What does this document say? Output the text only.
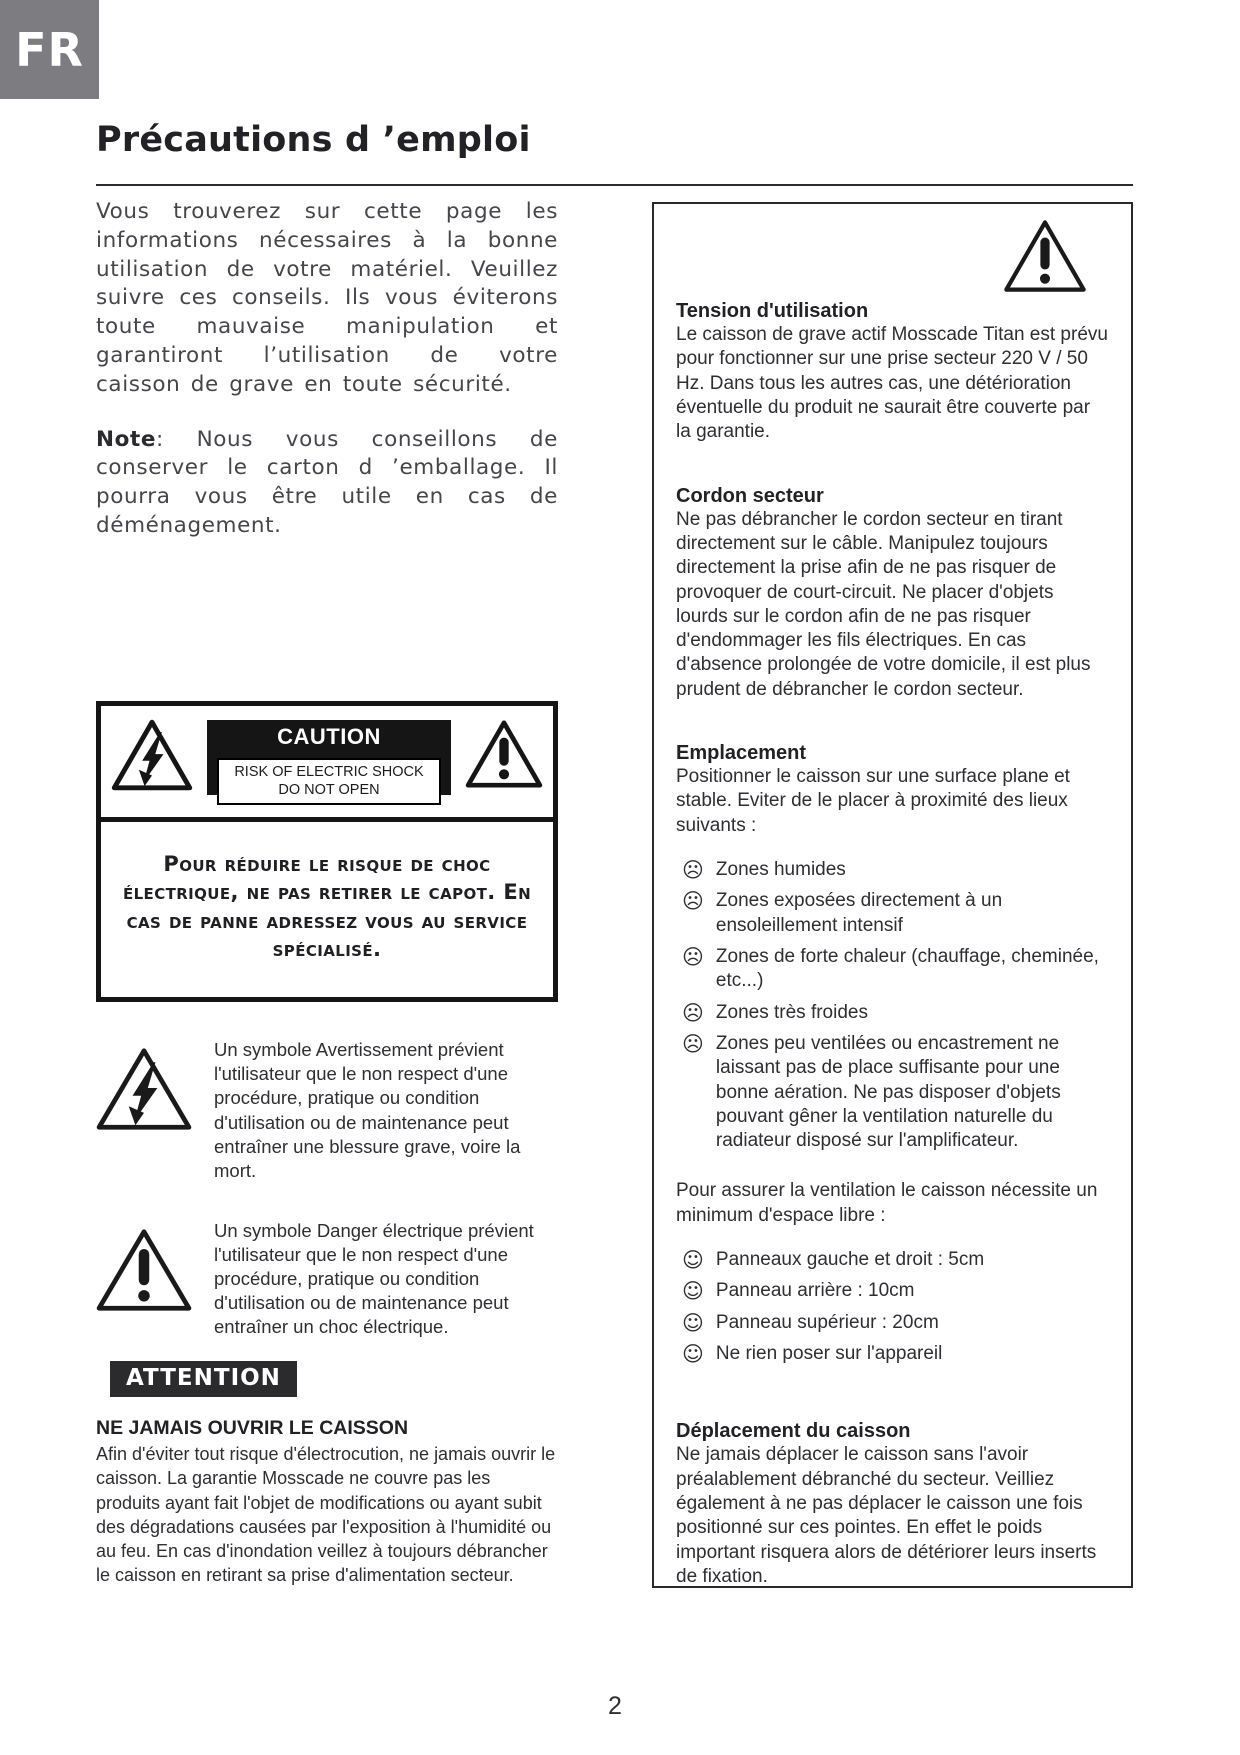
FR
Précautions d ’emploi

Vous trouverez sur cette page les informations nécessaires à la bonne utilisation de votre matériel. Veuillez suivre ces conseils. Ils vous éviterons toute mauvaise manipulation et garantiront l’utilisation de votre caisson de grave en toute sécurité.

Note: Nous vous conseillons de conserver le carton d ’emballage. Il pourra vous être utile en cas de déménagement.

CAUTION
RISK OF ELECTRIC SHOCK
DO NOT OPEN
Pour réduire le risque de choc électrique, ne pas retirer le capot. En cas de panne adressez vous au service spécialisé.
Un symbole Avertissement prévient l'utilisateur que le non respect d'une procédure, pratique ou condition d'utilisation ou de maintenance peut entraîner une blessure grave, voire la mort.
Un symbole Danger électrique prévient l'utilisateur que le non respect d'une procédure, pratique ou condition d'utilisation ou de maintenance peut entraîner un choc électrique.
ATTENTION
NE JAMAIS OUVRIR LE CAISSON

Afin d'éviter tout risque d'électrocution, ne jamais ouvrir le caisson. La garantie Mosscade ne couvre pas les produits ayant fait l'objet de modifications ou ayant subit des dégradations causées par l'exposition à l'humidité ou au feu. En cas d'inondation veillez à toujours débrancher le caisson en retirant sa prise d'alimentation secteur.

Tension d'utilisation

Le caisson de grave actif Mosscade Titan est prévu pour fonctionner sur une prise secteur 220 V / 50 Hz. Dans tous les autres cas, une détérioration éventuelle du produit ne saurait être couverte par la garantie.

Cordon secteur

Ne pas débrancher le cordon secteur en tirant directement sur le câble. Manipulez toujours directement la prise afin de ne pas risquer de provoquer de court-circuit. Ne placer d'objets lourds sur le cordon afin de ne pas risquer d'endommager les fils électriques. En cas d'absence prolongée de votre domicile, il est plus prudent de débrancher le cordon secteur.

Emplacement

Positionner le caisson sur une surface plane et stable. Eviter de le placer à proximité des lieux suivants :

☹ Zones humides
☹ Zones exposées directement à un ensoleillement intensif
☹ Zones de forte chaleur (chauffage, cheminée, etc...)
☹ Zones très froides
☹ Zones peu ventilées ou encastrement ne laissant pas de place suffisante pour une bonne aération. Ne pas disposer d'objets pouvant gêner la ventilation naturelle du radiateur disposé sur l'amplificateur.

Pour assurer la ventilation le caisson nécessite un minimum d'espace libre :

☺ Panneaux gauche et droit : 5cm
☺ Panneau arrière : 10cm
☺ Panneau supérieur : 20cm
☺ Ne rien poser sur l'appareil
Déplacement du caisson

Ne jamais déplacer le caisson sans l'avoir préalablement débranché du secteur. Veilliez également à ne pas déplacer le caisson une fois positionné sur ces pointes. En effet le poids important risquera alors de détériorer leurs inserts de fixation.

2
